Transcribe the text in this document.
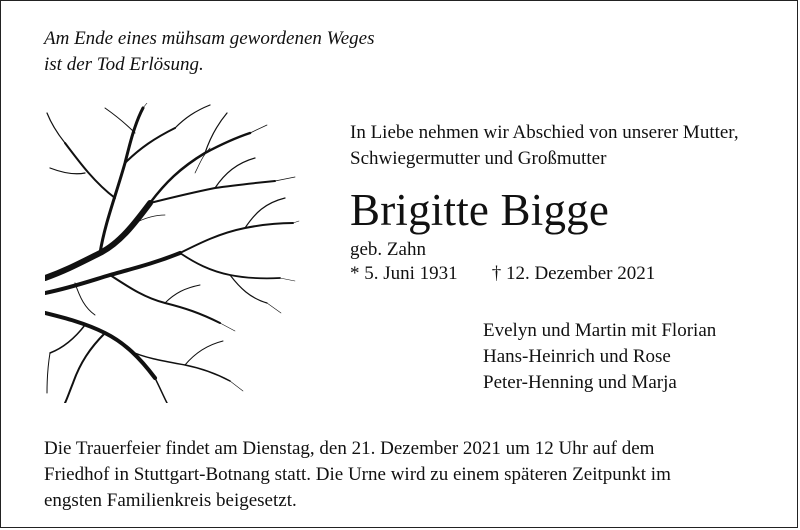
Am Ende eines mühsam gewordenen Weges
ist der Tod Erlösung.
In Liebe nehmen wir Abschied von unserer Mutter,
Schwiegermutter und Großmutter
Brigitte Bigge
geb. Zahn
* 5. Juni 1931 † 12. Dezember 2021
Evelyn und Martin mit Florian
Hans-Heinrich und Rose
Peter-Henning und Marja
Die Trauerfeier findet am Dienstag, den 21. Dezember 2021 um 12 Uhr auf dem
Friedhof in Stuttgart-Botnang statt. Die Urne wird zu einem späteren Zeitpunkt im
engsten Familienkreis beigesetzt.
